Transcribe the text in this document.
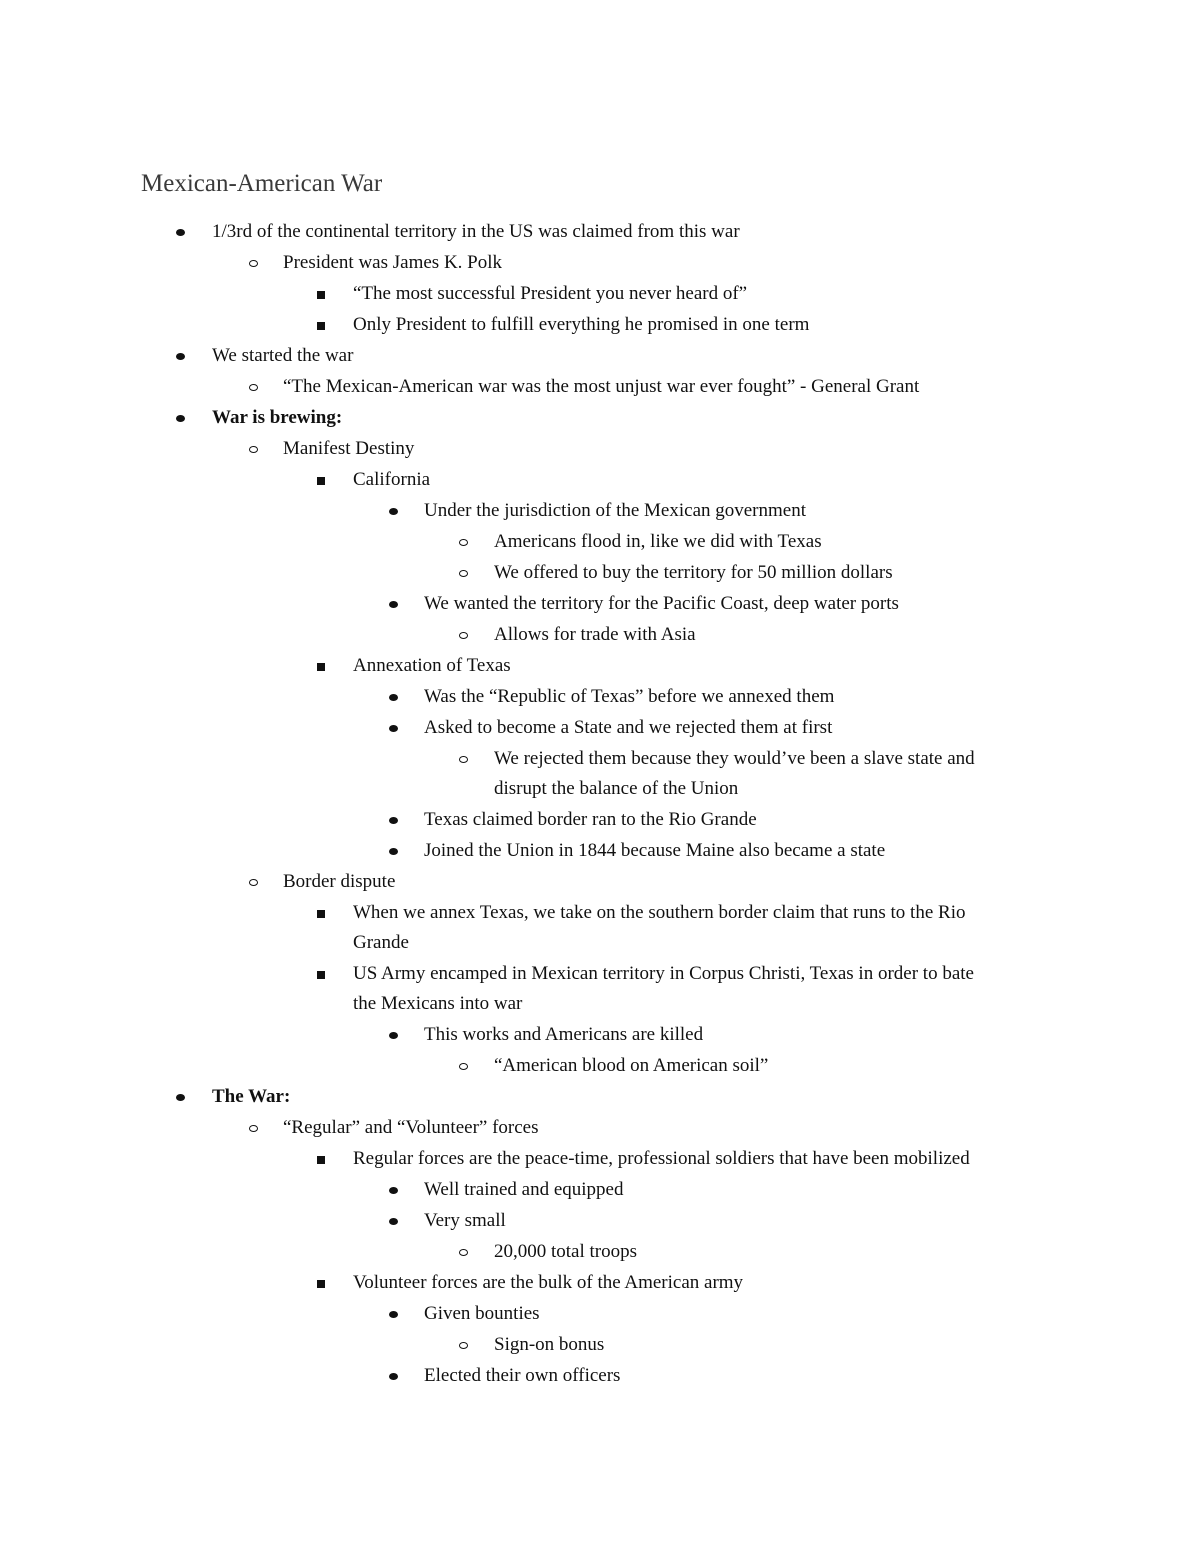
Mexican-American War
1/3rd of the continental territory in the US was claimed from this war
President was James K. Polk
“The most successful President you never heard of”
Only President to fulfill everything he promised in one term
We started the war
“The Mexican-American war was the most unjust war ever fought” - General Grant
War is brewing:
Manifest Destiny
California
Under the jurisdiction of the Mexican government
Americans flood in, like we did with Texas
We offered to buy the territory for 50 million dollars
We wanted the territory for the Pacific Coast, deep water ports
Allows for trade with Asia
Annexation of Texas
Was the “Republic of Texas” before we annexed them
Asked to become a State and we rejected them at first
We rejected them because they would’ve been a slave state and
disrupt the balance of the Union
Texas claimed border ran to the Rio Grande
Joined the Union in 1844 because Maine also became a state
Border dispute
When we annex Texas, we take on the southern border claim that runs to the Rio
Grande
US Army encamped in Mexican territory in Corpus Christi, Texas in order to bate
the Mexicans into war
This works and Americans are killed
“American blood on American soil”
The War:
“Regular” and “Volunteer” forces
Regular forces are the peace-time, professional soldiers that have been mobilized
Well trained and equipped
Very small
20,000 total troops
Volunteer forces are the bulk of the American army
Given bounties
Sign-on bonus
Elected their own officers
